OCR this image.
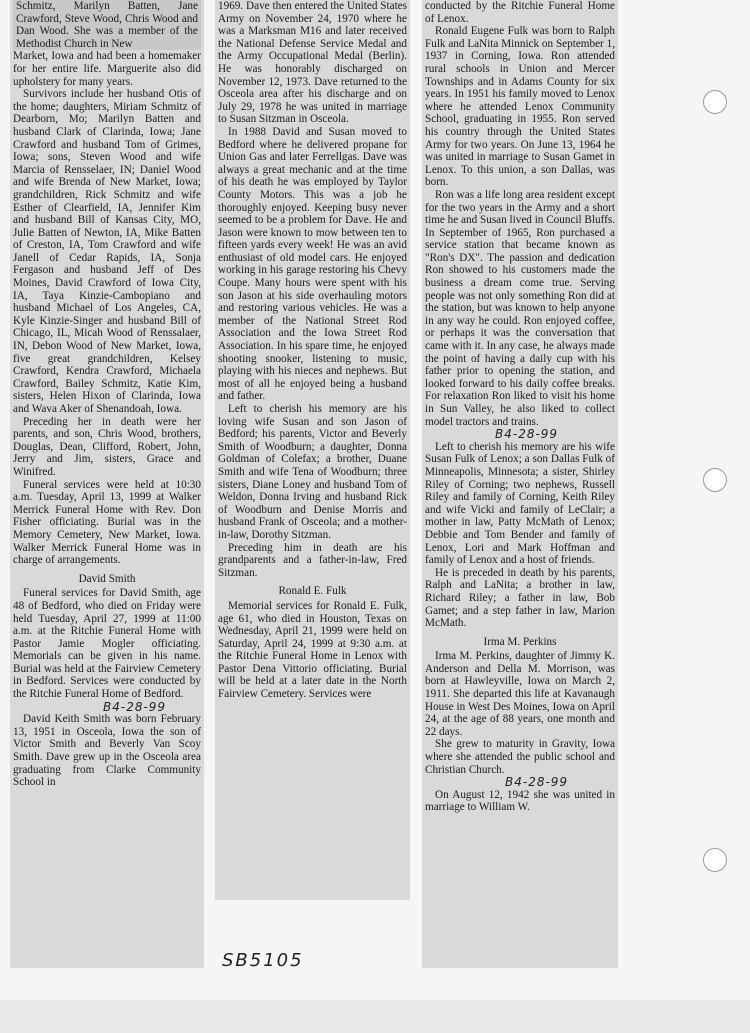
Schmitz, Marilyn Batten, Jane Crawford, Steve Wood, Chris Wood and Dan Wood. She was a member of the Methodist Church in New

Market, Iowa and had been a homemaker for her entire life. Marguerite also did upholstery for many years.

Survivors include her husband Otis of the home; daughters, Miriam Schmitz of Dearborn, Mo; Marilyn Batten and husband Clark of Clarinda, Iowa; Jane Crawford and husband Tom of Grimes, Iowa; sons, Steven Wood and wife Marcia of Rensselaer, IN; Daniel Wood and wife Brenda of New Market, Iowa; grandchildren, Rick Schmitz and wife Esther of Clearfield, IA, Jennifer Kim and husband Bill of Kansas City, MO, Julie Batten of Newton, IA, Mike Batten of Creston, IA, Tom Crawford and wife Janell of Cedar Rapids, IA, Sonja Fergason and husband Jeff of Des Moines, David Crawford of Iowa City, IA, Taya Kinzie-Cambopiano and husband Michael of Los Angeles, CA, Kyle Kinzie-Singer and husband Bill of Chicago, IL, Micah Wood of Renssalaer, IN, Debon Wood of New Market, Iowa, five great grandchildren, Kelsey Crawford, Kendra Crawford, Michaela Crawford, Bailey Schmitz, Katie Kim, sisters, Helen Hixon of Clarinda, Iowa and Wava Aker of Shenandoah, Iowa.

Preceding her in death were her parents, and son, Chris Wood, brothers, Douglas, Dean, Clifford, Robert, John, Jerry and Jim, sisters, Grace and Winifred.

Funeral services were held at 10:30 a.m. Tuesday, April 13, 1999 at Walker Merrick Funeral Home with Rev. Don Fisher officiating. Burial was in the Memory Cemetery, New Market, Iowa. Walker Merrick Funeral Home was in charge of arrangements.

David Smith

Funeral services for David Smith, age 48 of Bedford, who died on Friday were held Tuesday, April 27, 1999 at 11:00 a.m. at the Ritchie Funeral Home with Pastor Jamie Mogler officiating. Memorials can be given in his name. Burial was held at the Fairview Cemetery in Bedford. Services were conducted by the Ritchie Funeral Home of Bedford.

B4-28-99

David Keith Smith was born February 13, 1951 in Osceola, Iowa the son of Victor Smith and Beverly Van Scoy Smith. Dave grew up in the Osceola area graduating from Clarke Community School in

1969. Dave then entered the United States Army on November 24, 1970 where he was a Marksman M16 and later received the National Defense Service Medal and the Army Occupational Medal (Berlin). He was honorably discharged on November 12, 1973. Dave returned to the Osceola area after his discharge and on July 29, 1978 he was united in marriage to Susan Sitzman in Osceola.

In 1988 David and Susan moved to Bedford where he delivered propane for Union Gas and later Ferrellgas. Dave was always a great mechanic and at the time of his death he was employed by Taylor County Motors. This was a job he thoroughly enjoyed. Keeping busy never seemed to be a problem for Dave. He and Jason were known to mow between ten to fifteen yards every week! He was an avid enthusiast of old model cars. He enjoyed working in his garage restoring his Chevy Coupe. Many hours were spent with his son Jason at his side overhauling motors and restoring various vehicles. He was a member of the National Street Rod Association and the Iowa Street Rod Association. In his spare time, he enjoyed shooting snooker, listening to music, playing with his nieces and nephews. But most of all he enjoyed being a husband and father.

Left to cherish his memory are his loving wife Susan and son Jason of Bedford; his parents, Victor and Beverly Smith of Woodburn; a daughter, Donna Goldman of Colefax; a brother, Duane Smith and wife Tena of Woodburn; three sisters, Diane Loney and husband Tom of Weldon, Donna Irving and husband Rick of Woodburn and Denise Morris and husband Frank of Osceola; and a mother-in-law, Dorothy Sitzman.

Preceding him in death are his grandparents and a father-in-law, Fred Sitzman.

Ronald E. Fulk

Memorial services for Ronald E. Fulk, age 61, who died in Houston, Texas on Wednesday, April 21, 1999 were held on Saturday, April 24, 1999 at 9:30 a.m. at the Ritchie Funeral Home in Lenox with Pastor Dena Vittorio officiating. Burial will be held at a later date in the North Fairview Cemetery. Services were

conducted by the Ritchie Funeral Home of Lenox.

Ronald Eugene Fulk was born to Ralph Fulk and LaNita Minnick on September 1, 1937 in Corning, Iowa. Ron attended rural schools in Union and Mercer Townships and in Adams County for six years. In 1951 his family moved to Lenox where he attended Lenox Community School, graduating in 1955. Ron served his country through the United States Army for two years. On June 13, 1964 he was united in marriage to Susan Gamet in Lenox. To this union, a son Dallas, was born.

Ron was a life long area resident except for the two years in the Army and a short time he and Susan lived in Council Bluffs. In September of 1965, Ron purchased a service station that became known as "Ron's DX". The passion and dedication Ron showed to his customers made the business a dream come true. Serving people was not only something Ron did at the station, but was known to help anyone in any way he could. Ron enjoyed coffee, or perhaps it was the conversation that came with it. In any case, he always made the point of having a daily cup with his father prior to opening the station, and looked forward to his daily coffee breaks. For relaxation Ron liked to visit his home in Sun Valley, he also liked to collect model tractors and trains.

B4-28-99

Left to cherish his memory are his wife Susan Fulk of Lenox; a son Dallas Fulk of Minneapolis, Minnesota; a sister, Shirley Riley of Corning; two nephews, Russell Riley and family of Corning, Keith Riley and wife Vicki and family of LeClair; a mother in law, Patty McMath of Lenox; Debbie and Tom Bender and family of Lenox, Lori and Mark Hoffman and family of Lenox and a host of friends.

He is preceded in death by his parents, Ralph and LaNita; a brother in law, Richard Riley; a father in law, Bob Gamet; and a step father in law, Marion McMath.

Irma M. Perkins

Irma M. Perkins, daughter of Jimmy K. Anderson and Della M. Morrison, was born at Hawleyville, Iowa on March 2, 1911. She departed this life at Kavanaugh House in West Des Moines, Iowa on April 24, at the age of 88 years, one month and 22 days.

She grew to maturity in Gravity, Iowa where she attended the public school and Christian Church.

B4-28-99

On August 12, 1942 she was united in marriage to William W.

SB5105
